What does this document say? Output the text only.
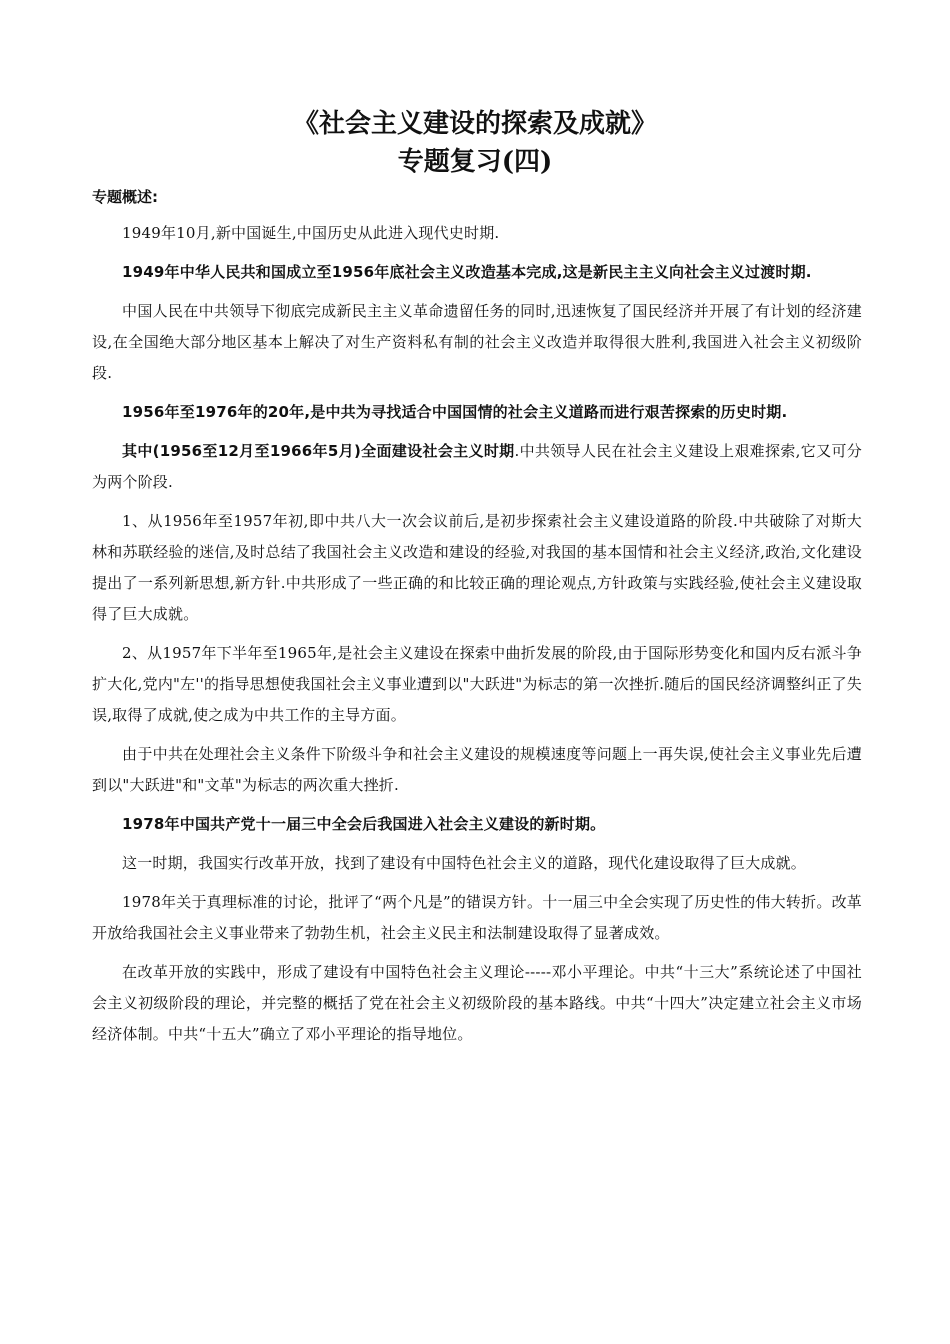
《社会主义建设的探索及成就》
专题复习(四)
专题概述:

1949年10月,新中国诞生,中国历史从此进入现代史时期.

1949年中华人民共和国成立至1956年底社会主义改造基本完成,这是新民主主义向社会主义过渡时期.

中国人民在中共领导下彻底完成新民主主义革命遗留任务的同时,迅速恢复了国民经济并开展了有计划的经济建设,在全国绝大部分地区基本上解决了对生产资料私有制的社会主义改造并取得很大胜利,我国进入社会主义初级阶段.

1956年至1976年的20年,是中共为寻找适合中国国情的社会主义道路而进行艰苦探索的历史时期.

其中(1956至12月至1966年5月)全面建设社会主义时期.中共领导人民在社会主义建设上艰难探索,它又可分为两个阶段.

1、从1956年至1957年初,即中共八大一次会议前后,是初步探索社会主义建设道路的阶段.中共破除了对斯大林和苏联经验的迷信,及时总结了我国社会主义改造和建设的经验,对我国的基本国情和社会主义经济,政治,文化建设提出了一系列新思想,新方针.中共形成了一些正确的和比较正确的理论观点,方针政策与实践经验,使社会主义建设取得了巨大成就。

2、从1957年下半年至1965年,是社会主义建设在探索中曲折发展的阶段,由于国际形势变化和国内反右派斗争扩大化,党内"左''的指导思想使我国社会主义事业遭到以"大跃进"为标志的第一次挫折.随后的国民经济调整纠正了失误,取得了成就,使之成为中共工作的主导方面。

由于中共在处理社会主义条件下阶级斗争和社会主义建设的规模速度等问题上一再失误,使社会主义事业先后遭到以"大跃进"和"文革"为标志的两次重大挫折.

1978年中国共产党十一届三中全会后我国进入社会主义建设的新时期。

这一时期，我国实行改革开放，找到了建设有中国特色社会主义的道路，现代化建设取得了巨大成就。

1978年关于真理标准的讨论，批评了“两个凡是”的错误方针。十一届三中全会实现了历史性的伟大转折。改革开放给我国社会主义事业带来了勃勃生机，社会主义民主和法制建设取得了显著成效。

在改革开放的实践中，形成了建设有中国特色社会主义理论-----邓小平理论。中共“十三大”系统论述了中国社会主义初级阶段的理论，并完整的概括了党在社会主义初级阶段的基本路线。中共“十四大”决定建立社会主义市场经济体制。中共“十五大”确立了邓小平理论的指导地位。
